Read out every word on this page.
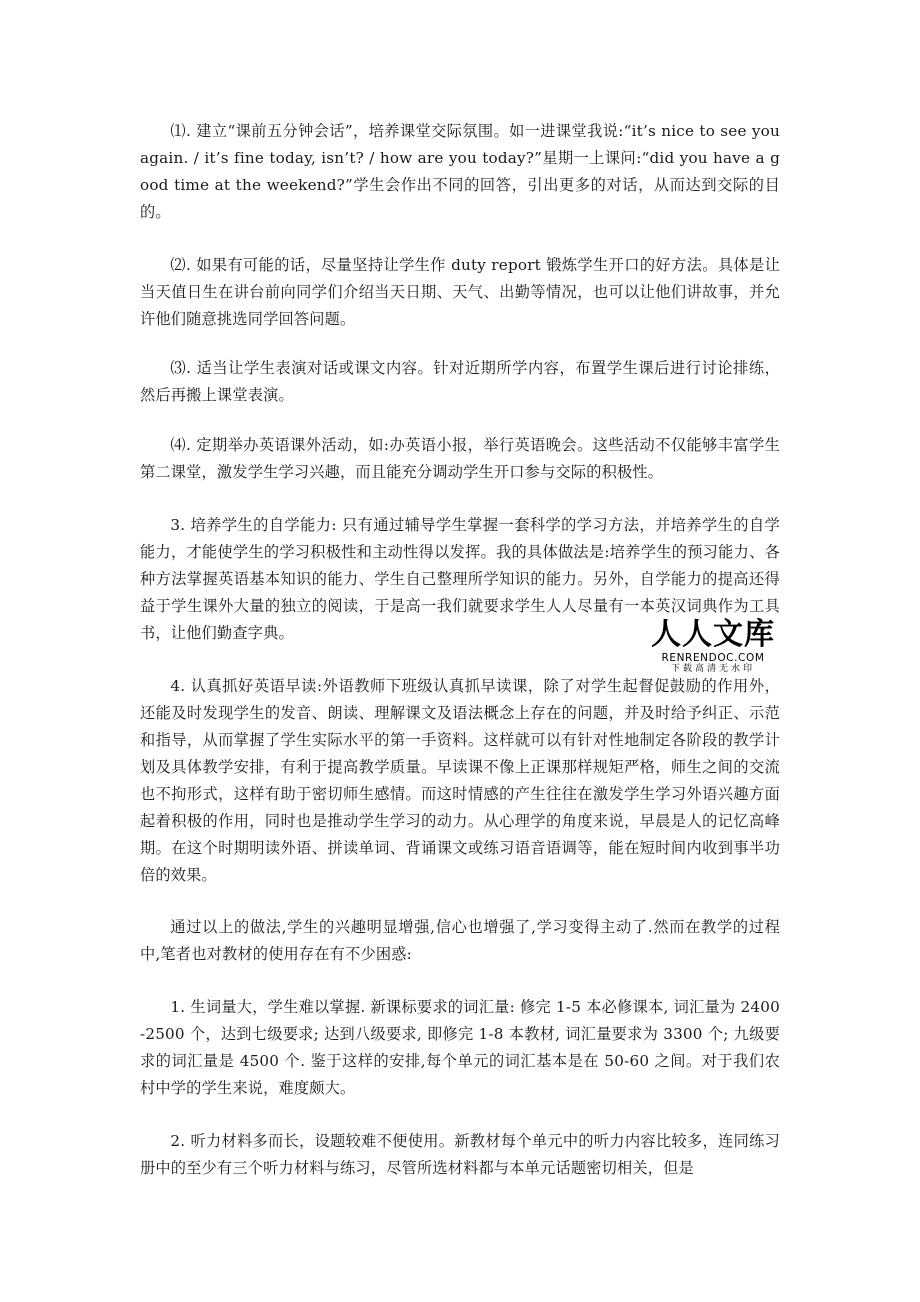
⑴. 建立“课前五分钟会话”，培养课堂交际氛围。如一进课堂我说:“it’s nice to see you again. / it’s fine today, isn’t? / how are you today?”星期一上课问:“did you have a good time at the weekend?”学生会作出不同的回答，引出更多的对话，从而达到交际的目的。

⑵. 如果有可能的话，尽量坚持让学生作 duty report 锻炼学生开口的好方法。具体是让当天值日生在讲台前向同学们介绍当天日期、天气、出勤等情况，也可以让他们讲故事，并允许他们随意挑选同学回答问题。

⑶. 适当让学生表演对话或课文内容。针对近期所学内容，布置学生课后进行讨论排练，然后再搬上课堂表演。

⑷. 定期举办英语课外活动，如:办英语小报，举行英语晚会。这些活动不仅能够丰富学生第二课堂，激发学生学习兴趣，而且能充分调动学生开口参与交际的积极性。

3. 培养学生的自学能力: 只有通过辅导学生掌握一套科学的学习方法，并培养学生的自学能力，才能使学生的学习积极性和主动性得以发挥。我的具体做法是:培养学生的预习能力、各种方法掌握英语基本知识的能力、学生自己整理所学知识的能力。另外，自学能力的提高还得益于学生课外大量的独立的阅读，于是高一我们就要求学生人人尽量有一本英汉词典作为工具书，让他们勤查字典。

4. 认真抓好英语早读:外语教师下班级认真抓早读课，除了对学生起督促鼓励的作用外，还能及时发现学生的发音、朗读、理解课文及语法概念上存在的问题，并及时给予纠正、示范和指导，从而掌握了学生实际水平的第一手资料。这样就可以有针对性地制定各阶段的教学计划及具体教学安排，有利于提高教学质量。早读课不像上正课那样规矩严格，师生之间的交流也不拘形式，这样有助于密切师生感情。而这时情感的产生往往在激发学生学习外语兴趣方面起着积极的作用，同时也是推动学生学习的动力。从心理学的角度来说，早晨是人的记忆高峰期。在这个时期明读外语、拼读单词、背诵课文或练习语音语调等，能在短时间内收到事半功倍的效果。

通过以上的做法,学生的兴趣明显增强,信心也增强了,学习变得主动了.然而在教学的过程中,笔者也对教材的使用存在有不少困惑:

1. 生词量大，学生难以掌握. 新课标要求的词汇量: 修完 1-5 本必修课本, 词汇量为 2400-2500 个，达到七级要求; 达到八级要求, 即修完 1-8 本教材, 词汇量要求为 3300 个; 九级要求的词汇量是 4500 个. 鉴于这样的安排,每个单元的词汇基本是在 50-60 之间。对于我们农村中学的学生来说，难度颇大。

2. 听力材料多而长，设题较难不便使用。新教材每个单元中的听力内容比较多，连同练习册中的至少有三个听力材料与练习，尽管所选材料都与本单元话题密切相关，但是

人人文库
RENRENDOC.COM
下载高清无水印
